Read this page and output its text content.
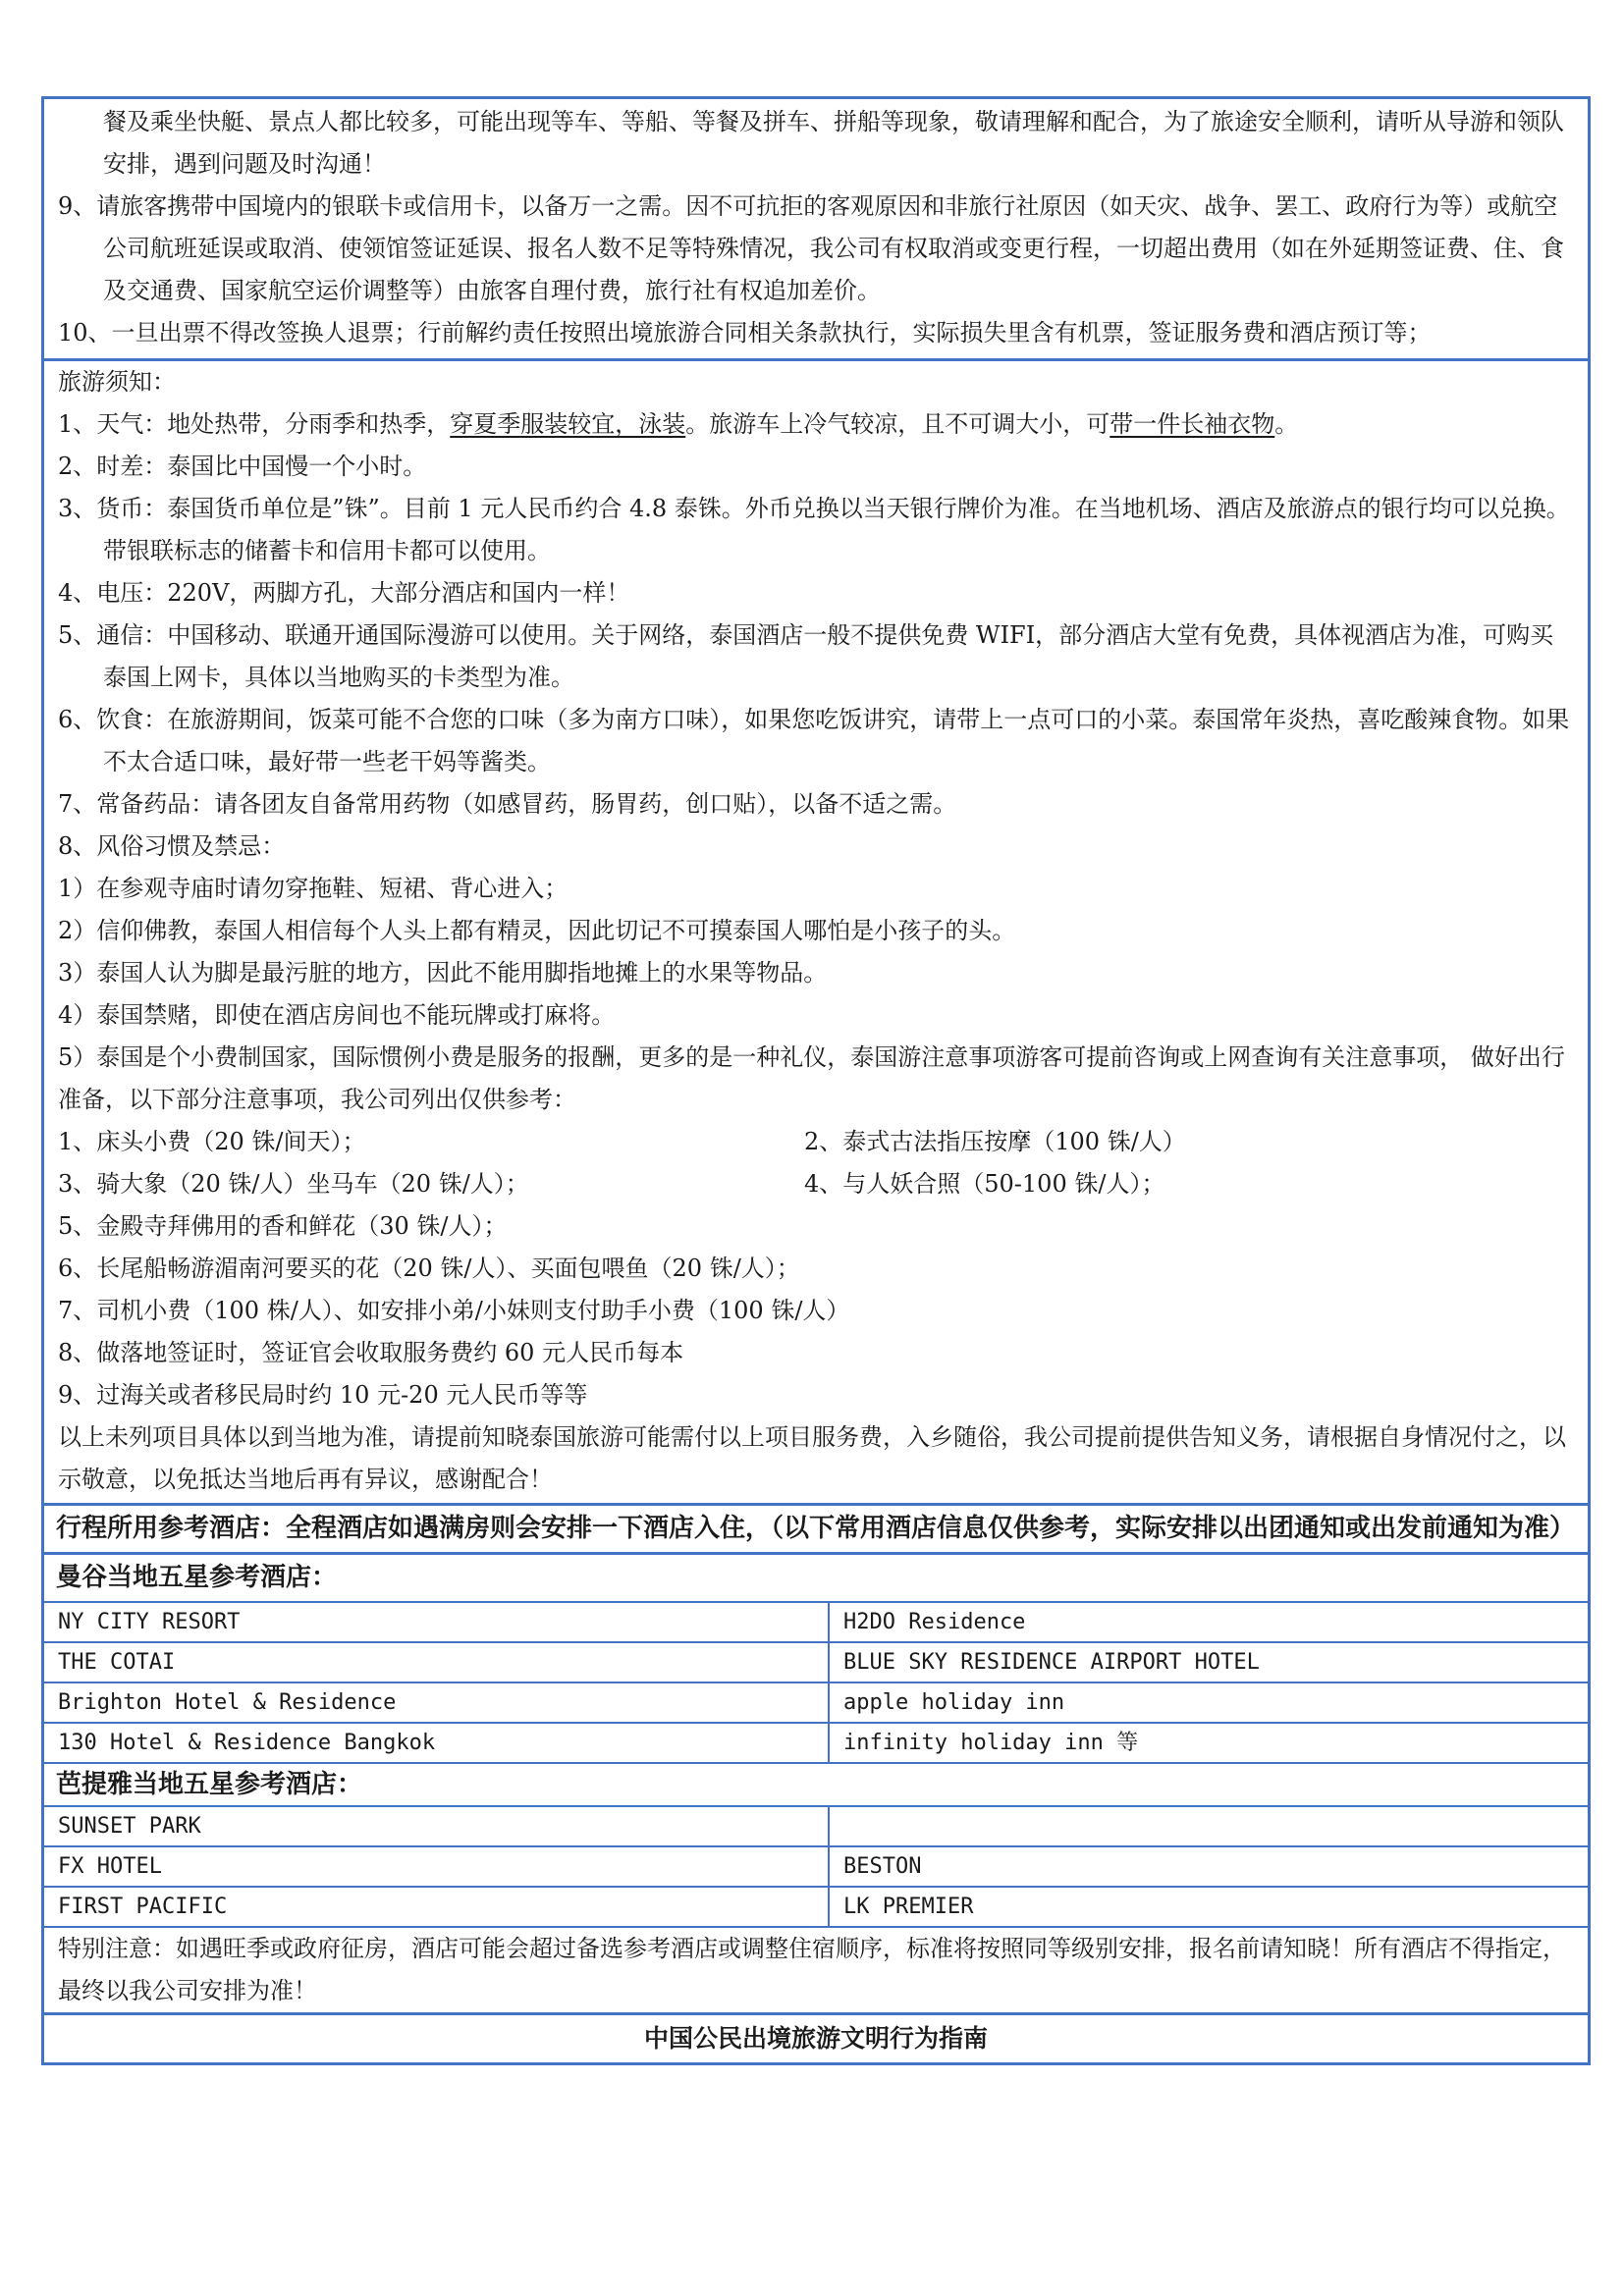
餐及乘坐快艇、景点人都比较多，可能出现等车、等船、等餐及拼车、拼船等现象，敬请理解和配合，为了旅途安全顺利，请听从导游和领队安排，遇到问题及时沟通！
9、请旅客携带中国境内的银联卡或信用卡，以备万一之需。因不可抗拒的客观原因和非旅行社原因（如天灾、战争、罢工、政府行为等）或航空公司航班延误或取消、使领馆签证延误、报名人数不足等特殊情况，我公司有权取消或变更行程，一切超出费用（如在外延期签证费、住、食及交通费、国家航空运价调整等）由旅客自理付费，旅行社有权追加差价。
10、一旦出票不得改签换人退票；行前解约责任按照出境旅游合同相关条款执行，实际损失里含有机票，签证服务费和酒店预订等；
旅游须知：
1、天气：地处热带，分雨季和热季，穿夏季服装较宜，泳装。旅游车上冷气较凉，且不可调大小，可带一件长袖衣物。
2、时差：泰国比中国慢一个小时。
3、货币：泰国货币单位是”铢”。目前 1 元人民币约合 4.8 泰铢。外币兑换以当天银行牌价为准。在当地机场、酒店及旅游点的银行均可以兑换。带银联标志的储蓄卡和信用卡都可以使用。
4、电压：220V，两脚方孔，大部分酒店和国内一样！
5、通信：中国移动、联通开通国际漫游可以使用。关于网络，泰国酒店一般不提供免费 WIFI，部分酒店大堂有免费，具体视酒店为准，可购买泰国上网卡，具体以当地购买的卡类型为准。
6、饮食：在旅游期间，饭菜可能不合您的口味（多为南方口味），如果您吃饭讲究，请带上一点可口的小菜。泰国常年炎热，喜吃酸辣食物。如果不太合适口味，最好带一些老干妈等酱类。
7、常备药品：请各团友自备常用药物（如感冒药，肠胃药，创口贴），以备不适之需。
8、风俗习惯及禁忌：
1）在参观寺庙时请勿穿拖鞋、短裙、背心进入；
2）信仰佛教，泰国人相信每个人头上都有精灵，因此切记不可摸泰国人哪怕是小孩子的头。
3）泰国人认为脚是最污脏的地方，因此不能用脚指地摊上的水果等物品。
4）泰国禁赌，即使在酒店房间也不能玩牌或打麻将。
5）泰国是个小费制国家，国际惯例小费是服务的报酬，更多的是一种礼仪，泰国游注意事项游客可提前咨询或上网查询有关注意事项， 做好出行准备，以下部分注意事项，我公司列出仅供参考：
1、床头小费（20 铢/间天）；	2、泰式古法指压按摩（100 铢/人）
3、骑大象（20 铢/人）坐马车（20 铢/人）；	4、与人妖合照（50-100 铢/人）；
5、金殿寺拜佛用的香和鲜花（30 铢/人）；
6、长尾船畅游湄南河要买的花（20 铢/人）、买面包喂鱼（20 铢/人）；
7、司机小费（100 株/人）、如安排小弟/小妹则支付助手小费（100 铢/人）
8、做落地签证时，签证官会收取服务费约 60 元人民币每本
9、过海关或者移民局时约 10 元-20 元人民币等等
以上未列项目具体以到当地为准，请提前知晓泰国旅游可能需付以上项目服务费，入乡随俗，我公司提前提供告知义务，请根据自身情况付之，以示敬意，以免抵达当地后再有异议，感谢配合！
行程所用参考酒店：全程酒店如遇满房则会安排一下酒店入住，（以下常用酒店信息仅供参考，实际安排以出团通知或出发前通知为准）
曼谷当地五星参考酒店：
NY CITY RESORT	H2DO Residence
THE COTAI	BLUE SKY RESIDENCE AIRPORT HOTEL
Brighton Hotel & Residence	apple holiday inn
130 Hotel & Residence Bangkok	infinity holiday inn 等
芭提雅当地五星参考酒店：
SUNSET PARK
FX HOTEL	BESTON
FIRST PACIFIC	LK PREMIER
特别注意：如遇旺季或政府征房，酒店可能会超过备选参考酒店或调整住宿顺序，标准将按照同等级别安排，报名前请知晓！所有酒店不得指定，最终以我公司安排为准！
中国公民出境旅游文明行为指南
